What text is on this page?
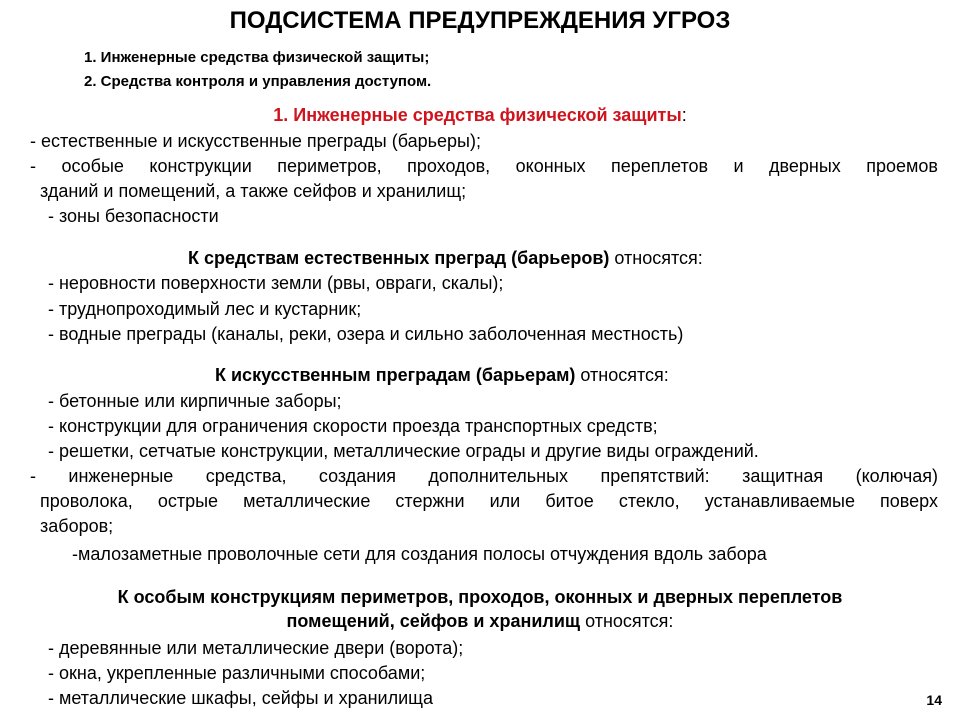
ПОДСИСТЕМА ПРЕДУПРЕЖДЕНИЯ УГРОЗ
1. Инженерные средства физической защиты;
2. Средства контроля и управления доступом.
1. Инженерные средства физической защиты:
- естественные и искусственные преграды (барьеры);
- особые конструкции периметров, проходов, оконных переплетов и дверных проемов
зданий и помещений, а также сейфов и хранилищ;
- зоны безопасности
К средствам естественных преград (барьеров) относятся:
- неровности поверхности земли (рвы, овраги, скалы);
- труднопроходимый лес и кустарник;
- водные преграды (каналы, реки, озера и сильно заболоченная местность)
К искусственным преградам (барьерам) относятся:
- бетонные или кирпичные заборы;
- конструкции для ограничения скорости проезда транспортных средств;
- решетки, сетчатые конструкции, металлические ограды и другие виды ограждений.
- инженерные средства, создания дополнительных препятствий: защитная (колючая)
проволока, острые металлические стержни или битое стекло, устанавливаемые поверх
заборов;
-малозаметные проволочные сети для создания полосы отчуждения вдоль забора
К особым конструкциям периметров, проходов, оконных и дверных переплетов
помещений, сейфов и хранилищ относятся:
- деревянные или металлические двери (ворота);
- окна, укрепленные различными способами;
- металлические шкафы, сейфы и хранилища	14
